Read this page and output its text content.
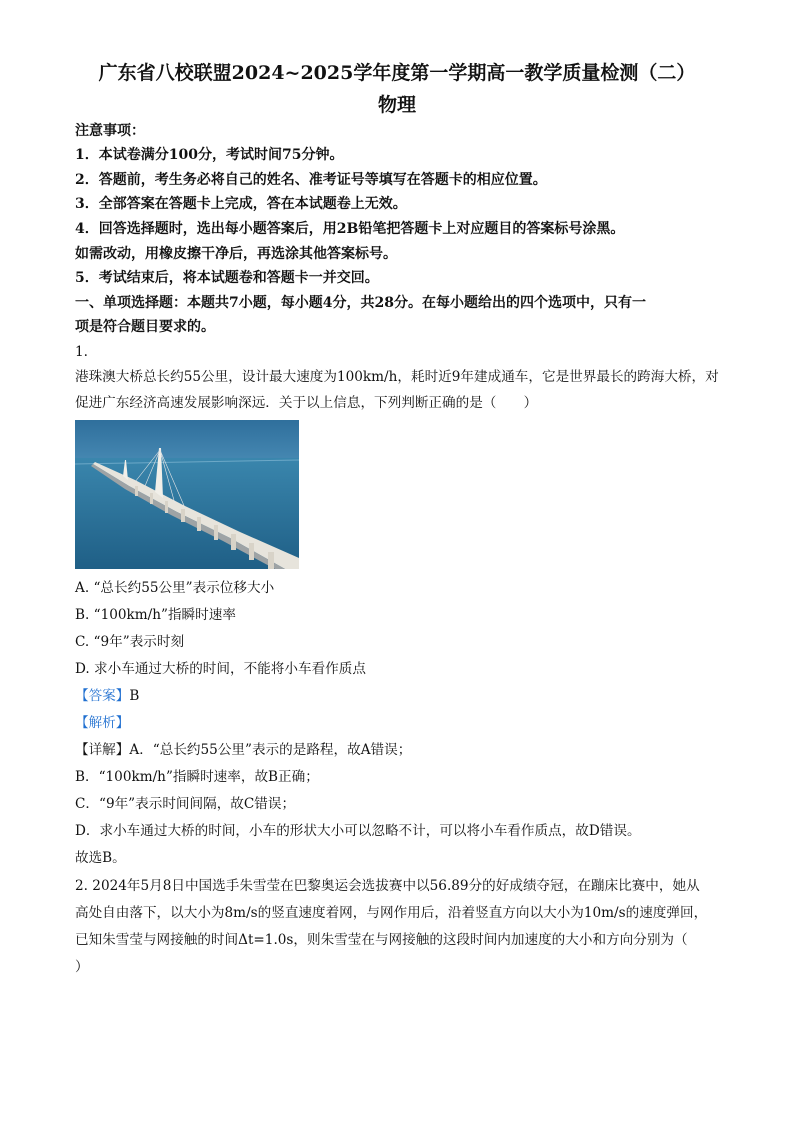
广东省八校联盟2024~2025学年度第一学期高一教学质量检测（二）
物理
注意事项：
1．本试卷满分100分，考试时间75分钟。
2．答题前，考生务必将自己的姓名、准考证号等填写在答题卡的相应位置。
3．全部答案在答题卡上完成，答在本试题卷上无效。
4．回答选择题时，选出每小题答案后，用2B铅笔把答题卡上对应题目的答案标号涂黑。
如需改动，用橡皮擦干净后，再选涂其他答案标号。
5．考试结束后，将本试题卷和答题卡一并交回。
一、单项选择题：本题共7小题，每小题4分，共28分。在每小题给出的四个选项中，只有一
项是符合题目要求的。
1.
港珠澳大桥总长约55公里，设计最大速度为100km/h，耗时近9年建成通车，它是世界最长的跨海大桥，对
促进广东经济高速发展影响深远．关于以上信息，下列判断正确的是（　　）
A. “总长约55公里”表示位移大小
B. “100km/h”指瞬时速率
C. “9年”表示时刻
D. 求小车通过大桥的时间，不能将小车看作质点
【答案】B
【解析】
【详解】A．“总长约55公里”表示的是路程，故A错误；
B．“100km/h”指瞬时速率，故B正确；
C．“9年”表示时间间隔，故C错误；
D．求小车通过大桥的时间，小车的形状大小可以忽略不计，可以将小车看作质点，故D错误。
故选B。
2. 2024年5月8日中国选手朱雪莹在巴黎奥运会选拔赛中以56.89分的好成绩夺冠，在蹦床比赛中，她从
高处自由落下，以大小为8m/s的竖直速度着网，与网作用后，沿着竖直方向以大小为10m/s的速度弹回，
已知朱雪莹与网接触的时间Δt=1.0s，则朱雪莹在与网接触的这段时间内加速度的大小和方向分别为（
）
